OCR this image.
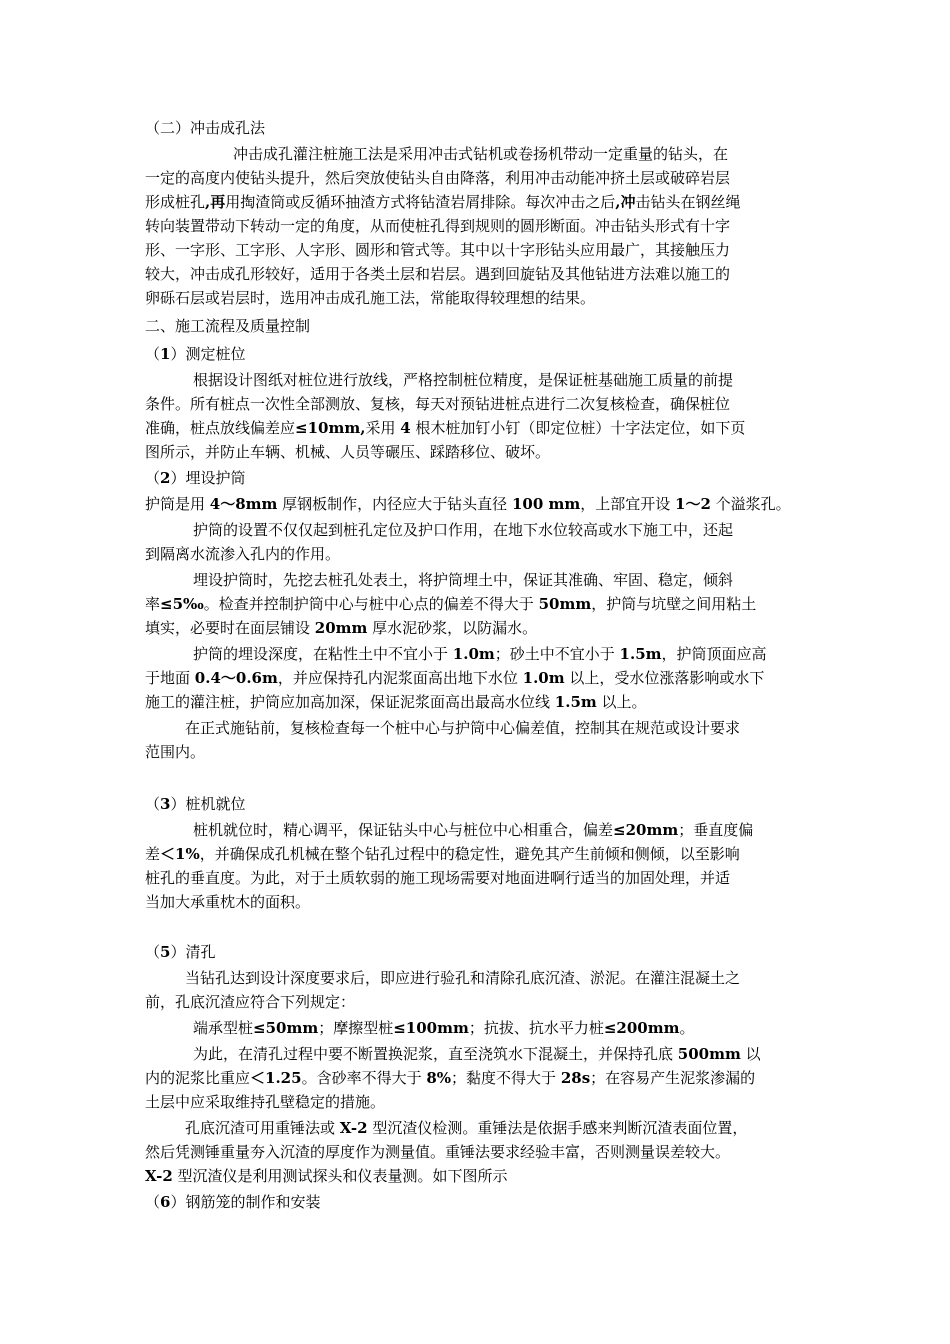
（二）冲击成孔法
冲击成孔灌注桩施工法是采用冲击式钻机或卷扬机带动一定重量的钻头，在
一定的高度内使钻头提升，然后突放使钻头自由降落，利用冲击动能冲挤土层或破碎岩层
形成桩孔,再用掏渣筒或反循环抽渣方式将钻渣岩屑排除。每次冲击之后,冲击钻头在钢丝绳
转向装置带动下转动一定的角度，从而使桩孔得到规则的圆形断面。冲击钻头形式有十字
形、一字形、工字形、人字形、圆形和管式等。其中以十字形钻头应用最广，其接触压力
较大，冲击成孔形较好，适用于各类土层和岩层。遇到回旋钻及其他钻进方法难以施工的
卵砾石层或岩层时，选用冲击成孔施工法，常能取得较理想的结果。
二、施工流程及质量控制
（1）测定桩位
根据设计图纸对桩位进行放线，严格控制桩位精度，是保证桩基础施工质量的前提
条件。所有桩点一次性全部测放、复核，每天对预钻进桩点进行二次复核检查，确保桩位
准确，桩点放线偏差应≤10mm,采用 4 根木桩加钉小钉（即定位桩）十字法定位，如下页
图所示，并防止车辆、机械、人员等碾压、踩踏移位、破坏。
（2）埋设护筒
护筒是用 4～8mm 厚钢板制作，内径应大于钻头直径 100 mm，上部宜开设 1～2 个溢浆孔。
护筒的设置不仅仅起到桩孔定位及护口作用，在地下水位较高或水下施工中，还起
到隔离水流渗入孔内的作用。
埋设护筒时，先挖去桩孔处表土，将护筒埋土中，保证其准确、牢固、稳定，倾斜
率≤5‰。检查并控制护筒中心与桩中心点的偏差不得大于 50mm，护筒与坑壁之间用粘土
填实，必要时在面层铺设 20mm 厚水泥砂浆，以防漏水。
护筒的埋设深度，在粘性土中不宜小于 1.0m；砂土中不宜小于 1.5m，护筒顶面应高
于地面 0.4～0.6m，并应保持孔内泥浆面高出地下水位 1.0m 以上，受水位涨落影响或水下
施工的灌注桩，护筒应加高加深，保证泥浆面高出最高水位线 1.5m 以上。
在正式施钻前，复核检查每一个桩中心与护筒中心偏差值，控制其在规范或设计要求
范围内。
（3）桩机就位
桩机就位时，精心调平，保证钻头中心与桩位中心相重合，偏差≤20mm；垂直度偏
差＜1%，并确保成孔机械在整个钻孔过程中的稳定性，避免其产生前倾和侧倾，以至影响
桩孔的垂直度。为此，对于土质软弱的施工现场需要对地面进啊行适当的加固处理，并适
当加大承重枕木的面积。
（5）清孔
当钻孔达到设计深度要求后，即应进行验孔和清除孔底沉渣、淤泥。在灌注混凝土之
前，孔底沉渣应符合下列规定：
端承型桩≤50mm；摩擦型桩≤100mm；抗拔、抗水平力桩≤200mm。
为此，在清孔过程中要不断置换泥浆，直至浇筑水下混凝土，并保持孔底 500mm 以
内的泥浆比重应＜1.25。含砂率不得大于 8%；黏度不得大于 28s；在容易产生泥浆渗漏的
土层中应采取维持孔壁稳定的措施。
孔底沉渣可用重锤法或 X-2 型沉渣仪检测。重锤法是依据手感来判断沉渣表面位置，
然后凭测锤重量夯入沉渣的厚度作为测量值。重锤法要求经验丰富，否则测量误差较大。
X-2 型沉渣仪是利用测试探头和仪表量测。如下图所示
（6）钢筋笼的制作和安装
